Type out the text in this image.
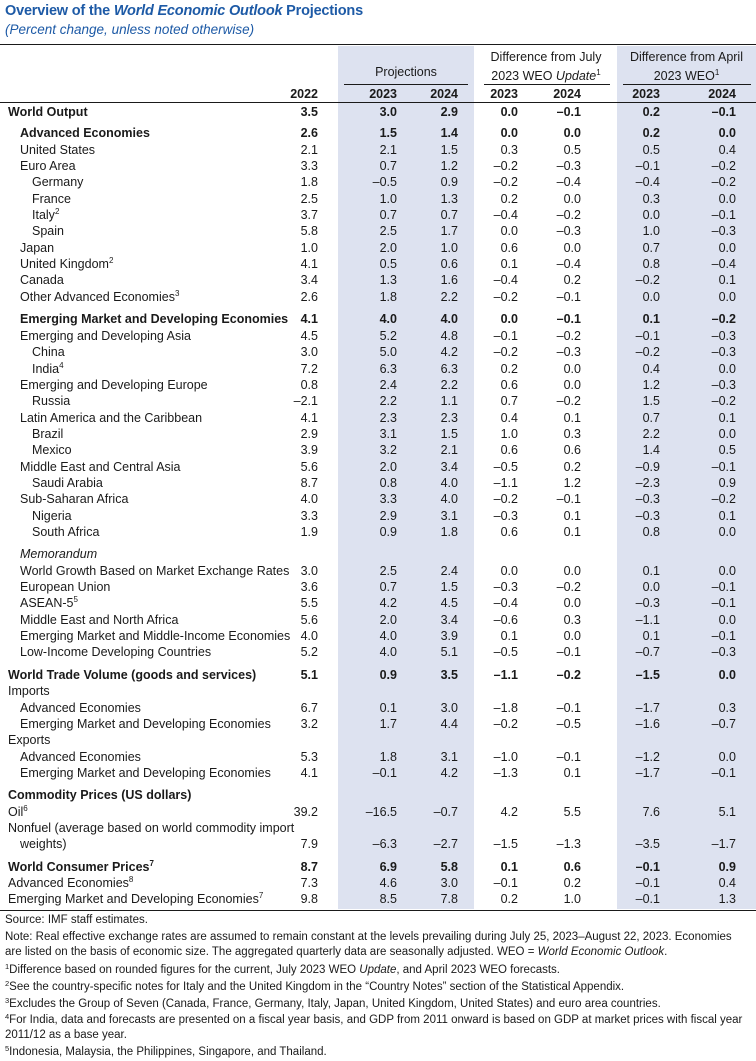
Overview of the World Economic Outlook Projections
(Percent change, unless noted otherwise)
Projections
Difference from July
2023 WEO Update$^1$
Difference from April
2023 WEO$^1$
2022	2023	2024	2023	2024	2023	2024
World Output	3.5	3.0	2.9	0.0	–0.1	0.2	–0.1
Advanced Economies	2.6	1.5	1.4	0.0	0.0	0.2	0.0
United States	2.1	2.1	1.5	0.3	0.5	0.5	0.4
Euro Area	3.3	0.7	1.2	–0.2	–0.3	–0.1	–0.2
Germany	1.8	–0.5	0.9	–0.2	–0.4	–0.4	–0.2
France	2.5	1.0	1.3	0.2	0.0	0.3	0.0
Italy$^2$	3.7	0.7	0.7	–0.4	–0.2	0.0	–0.1
Spain	5.8	2.5	1.7	0.0	–0.3	1.0	–0.3
Japan	1.0	2.0	1.0	0.6	0.0	0.7	0.0
United Kingdom$^2$	4.1	0.5	0.6	0.1	–0.4	0.8	–0.4
Canada	3.4	1.3	1.6	–0.4	0.2	–0.2	0.1
Other Advanced Economies$^3$	2.6	1.8	2.2	–0.2	–0.1	0.0	0.0
Emerging Market and Developing Economies 4.1	4.0	4.0	0.0	–0.1	0.1	–0.2
Emerging and Developing Asia	4.5	5.2	4.8	–0.1	–0.2	–0.1	–0.3
China	3.0	5.0	4.2	–0.2	–0.3	–0.2	–0.3
India$^4$	7.2	6.3	6.3	0.2	0.0	0.4	0.0
Emerging and Developing Europe	0.8	2.4	2.2	0.6	0.0	1.2	–0.3
Russia	–2.1	2.2	1.1	0.7	–0.2	1.5	–0.2
Latin America and the Caribbean	4.1	2.3	2.3	0.4	0.1	0.7	0.1
Brazil	2.9	3.1	1.5	1.0	0.3	2.2	0.0
Mexico	3.9	3.2	2.1	0.6	0.6	1.4	0.5
Middle East and Central Asia	5.6	2.0	3.4	–0.5	0.2	–0.9	–0.1
Saudi Arabia	8.7	0.8	4.0	–1.1	1.2	–2.3	0.9
Sub-Saharan Africa	4.0	3.3	4.0	–0.2	–0.1	–0.3	–0.2
Nigeria	3.3	2.9	3.1	–0.3	0.1	–0.3	0.1
South Africa	1.9	0.9	1.8	0.6	0.1	0.8	0.0
Memorandum
World Growth Based on Market Exchange Rates 3.0	2.5	2.4	0.0	0.0	0.1	0.0
European Union	3.6	0.7	1.5	–0.3	–0.2	0.0	–0.1
ASEAN-$5^5$	5.5	4.2	4.5	–0.4	0.0	–0.3	–0.1
Middle East and North Africa	5.6	2.0	3.4	–0.6	0.3	–1.1	0.0
Emerging Market and Middle-Income Economies 4.0	4.0	3.9	0.1	0.0	0.1	–0.1
Low-Income Developing Countries	5.2	4.0	5.1	–0.5	–0.1	–0.7	–0.3
World Trade Volume (goods and services)	5.1	0.9	3.5	–1.1	–0.2	–1.5	0.0
Imports
Advanced Economies	6.7	0.1	3.0	–1.8	–0.1	–1.7	0.3
Emerging Market and Developing Economies	3.2	1.7	4.4	–0.2	–0.5	–1.6	–0.7
Exports
Advanced Economies	5.3	1.8	3.1	–1.0	–0.1	–1.2	0.0
Emerging Market and Developing Economies	4.1	–0.1	4.2	–1.3	0.1	–1.7	–0.1
Commodity Prices (US dollars)
Oil$^6$	39.2	–16.5	–0.7	4.2	5.5	7.6	5.1
Nonfuel (average based on world commodity import
weights)	7.9	–6.3	–2.7	–1.5	–1.3	–3.5	–1.7
World Consumer Prices$^7$	8.7	6.9	5.8	0.1	0.6	–0.1	0.9
Advanced Economies$^8$	7.3	4.6	3.0	–0.1	0.2	–0.1	0.4
Emerging Market and Developing Economies$^7$	9.8	8.5	7.8	0.2	1.0	–0.1	1.3
Source: IMF staff estimates.
Note: Real effective exchange rates are assumed to remain constant at the levels prevailing during July 25, 2023–August 22, 2023. Economies are listed on the basis of economic size. The aggregated quarterly data are seasonally adjusted. WEO = World Economic Outlook.
$^1$Difference based on rounded figures for the current, July 2023 WEO Update, and April 2023 WEO forecasts.
$^2$See the country-specific notes for Italy and the United Kingdom in the “Country Notes” section of the Statistical Appendix.
$^3$Excludes the Group of Seven (Canada, France, Germany, Italy, Japan, United Kingdom, United States) and euro area countries.
$^4$For India, data and forecasts are presented on a fiscal year basis, and GDP from 2011 onward is based on GDP at market prices with fiscal year 2011/12 as a base year.
$^5$Indonesia, Malaysia, the Philippines, Singapore, and Thailand.
